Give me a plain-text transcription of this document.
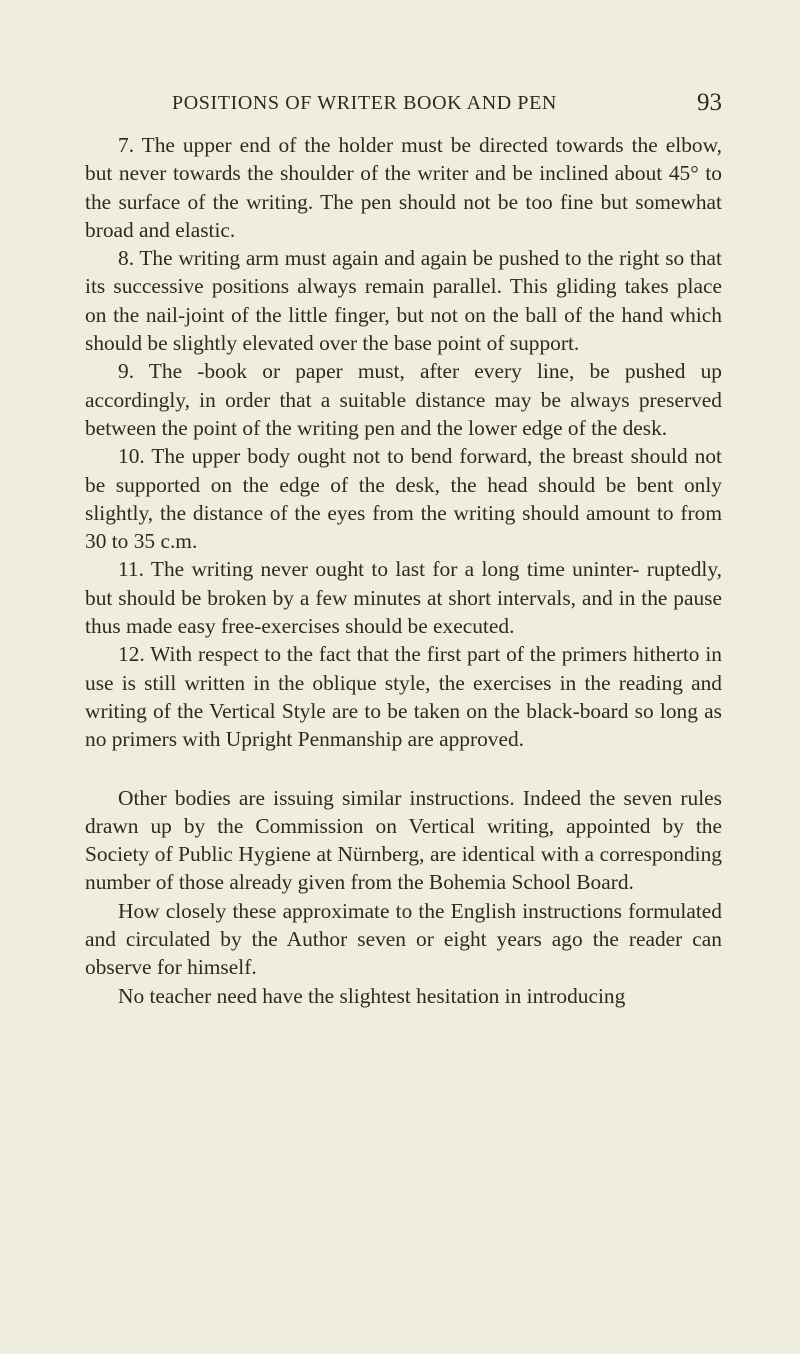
POSITIONS OF WRITER BOOK AND PEN	93

7. The upper end of the holder must be directed towards the elbow, but never towards the shoulder of the writer and be inclined about 45° to the surface of the writing. The pen should not be too fine but somewhat broad and elastic.

8. The writing arm must again and again be pushed to the right so that its successive positions always remain parallel. This gliding takes place on the nail-joint of the little finger, but not on the ball of the hand which should be slightly elevated over the base point of support.

9. The -book or paper must, after every line, be pushed up accordingly, in order that a suitable distance may be always preserved between the point of the writing pen and the lower edge of the desk.

10. The upper body ought not to bend forward, the breast should not be supported on the edge of the desk, the head should be bent only slightly, the distance of the eyes from the writing should amount to from 30 to 35 c.m.

11. The writing never ought to last for a long time uninter- ruptedly, but should be broken by a few minutes at short intervals, and in the pause thus made easy free-exercises should be executed.

12. With respect to the fact that the first part of the primers hitherto in use is still written in the oblique style, the exercises in the reading and writing of the Vertical Style are to be taken on the black-board so long as no primers with Upright Penmanship are approved.

Other bodies are issuing similar instructions. Indeed the seven rules drawn up by the Commission on Vertical writing, appointed by the Society of Public Hygiene at Nürnberg, are identical with a corresponding number of those already given from the Bohemia School Board.

How closely these approximate to the English instructions formulated and circulated by the Author seven or eight years ago the reader can observe for himself.

No teacher need have the slightest hesitation in introducing
